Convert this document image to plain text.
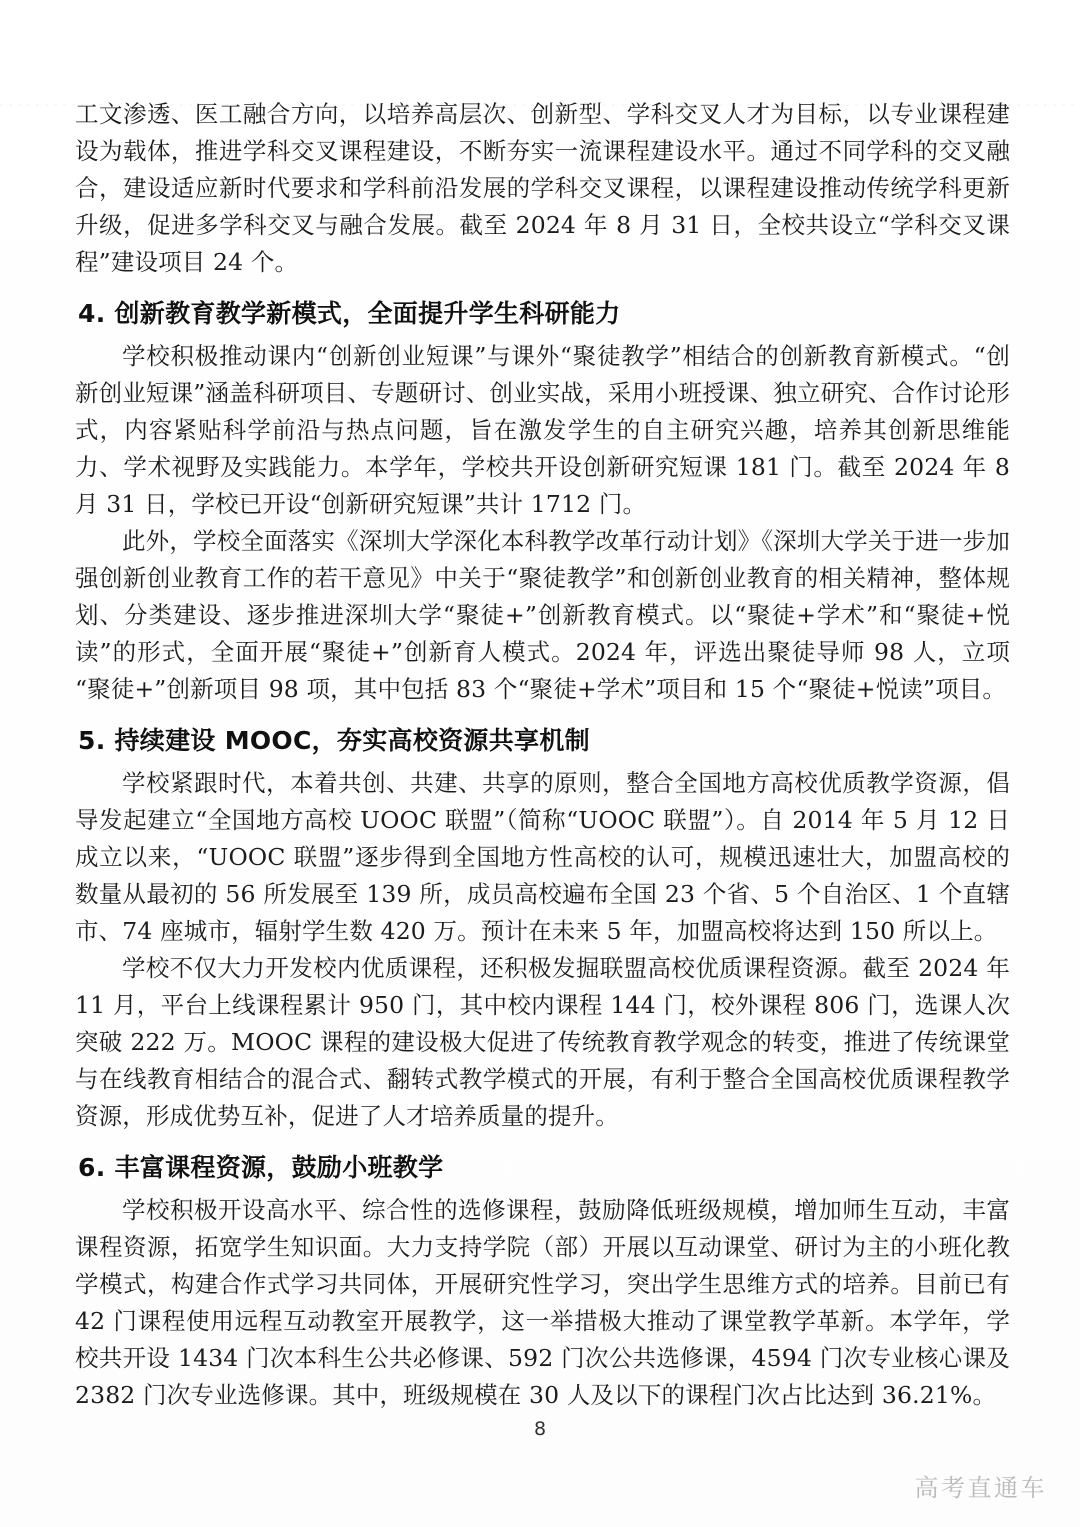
工文渗透、医工融合方向，以培养高层次、创新型、学科交叉人才为目标，以专业课程建设为载体，推进学科交叉课程建设，不断夯实一流课程建设水平。通过不同学科的交叉融合，建设适应新时代要求和学科前沿发展的学科交叉课程，以课程建设推动传统学科更新升级，促进多学科交叉与融合发展。截至 2024 年 8 月 31 日，全校共设立“学科交叉课程”建设项目 24 个。

4. 创新教育教学新模式，全面提升学生科研能力

学校积极推动课内“创新创业短课”与课外“聚徒教学”相结合的创新教育新模式。“创新创业短课”涵盖科研项目、专题研讨、创业实战，采用小班授课、独立研究、合作讨论形式，内容紧贴科学前沿与热点问题，旨在激发学生的自主研究兴趣，培养其创新思维能力、学术视野及实践能力。本学年，学校共开设创新研究短课 181 门。截至 2024 年 8 月 31 日，学校已开设“创新研究短课”共计 1712 门。

此外，学校全面落实《深圳大学深化本科教学改革行动计划》《深圳大学关于进一步加强创新创业教育工作的若干意见》中关于“聚徒教学”和创新创业教育的相关精神，整体规划、分类建设、逐步推进深圳大学“聚徒+”创新教育模式。以“聚徒+学术”和“聚徒+悦读”的形式，全面开展“聚徒+”创新育人模式。2024 年，评选出聚徒导师 98 人，立项“聚徒+”创新项目 98 项，其中包括 83 个“聚徒+学术”项目和 15 个“聚徒+悦读”项目。

5. 持续建设 MOOC，夯实高校资源共享机制

学校紧跟时代，本着共创、共建、共享的原则，整合全国地方高校优质教学资源，倡导发起建立“全国地方高校 UOOC 联盟”（简称“UOOC 联盟”）。自 2014 年 5 月 12 日成立以来，“UOOC 联盟”逐步得到全国地方性高校的认可，规模迅速壮大，加盟高校的数量从最初的 56 所发展至 139 所，成员高校遍布全国 23 个省、5 个自治区、1 个直辖市、74 座城市，辐射学生数 420 万。预计在未来 5 年，加盟高校将达到 150 所以上。

学校不仅大力开发校内优质课程，还积极发掘联盟高校优质课程资源。截至 2024 年 11 月，平台上线课程累计 950 门，其中校内课程 144 门，校外课程 806 门，选课人次突破 222 万。MOOC 课程的建设极大促进了传统教育教学观念的转变，推进了传统课堂与在线教育相结合的混合式、翻转式教学模式的开展，有利于整合全国高校优质课程教学资源，形成优势互补，促进了人才培养质量的提升。

6. 丰富课程资源，鼓励小班教学

学校积极开设高水平、综合性的选修课程，鼓励降低班级规模，增加师生互动，丰富课程资源，拓宽学生知识面。大力支持学院（部）开展以互动课堂、研讨为主的小班化教学模式，构建合作式学习共同体，开展研究性学习，突出学生思维方式的培养。目前已有 42 门课程使用远程互动教室开展教学，这一举措极大推动了课堂教学革新。本学年，学校共开设 1434 门次本科生公共必修课、592 门次公共选修课，4594 门次专业核心课及 2382 门次专业选修课。其中，班级规模在 30 人及以下的课程门次占比达到 36.21%。

8
高考直通车
